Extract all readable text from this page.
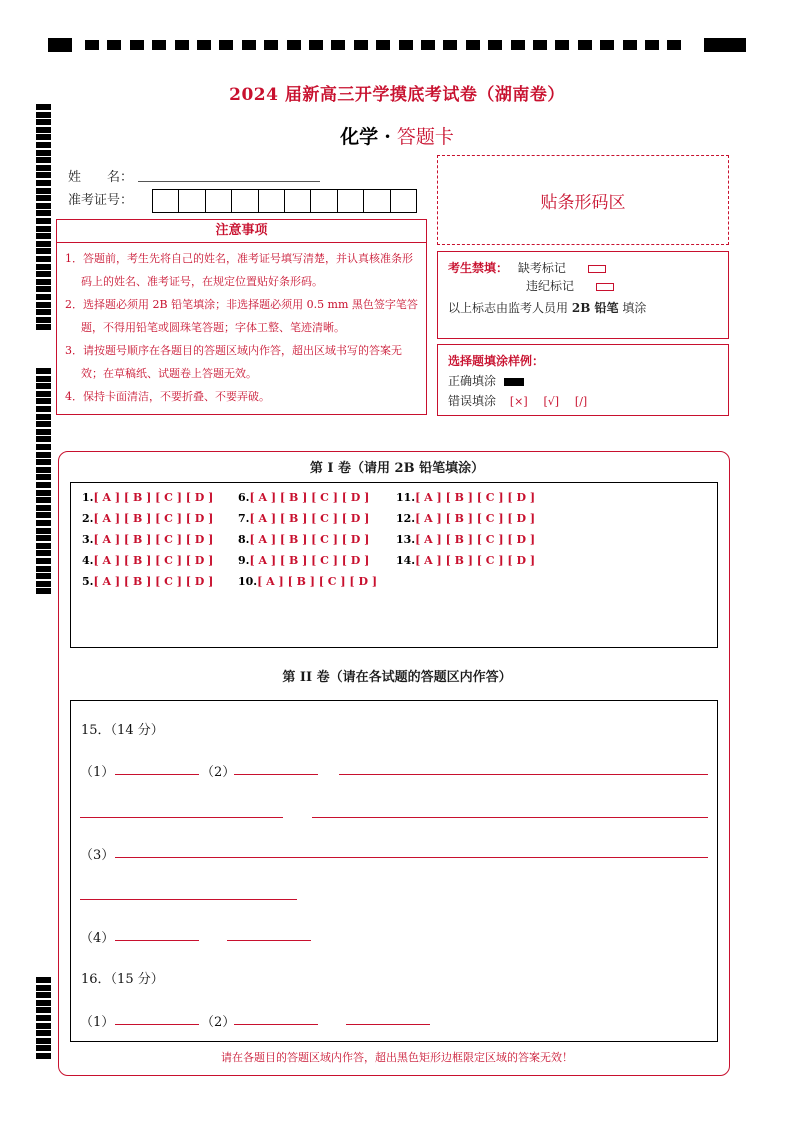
2024 届新高三开学摸底考试卷（湖南卷）
化学 · 答题卡
姓　　名：
准考证号：	贴条形码区
注意事项
1．答题前，考生先将自己的姓名，准考证号填写清楚，并认真核准条形码上的姓名、准考证号，在规定位置贴好条形码。
2．选择题必须用 2B 铅笔填涂；非选择题必须用 0.5 mm 黑色签字笔答题，不得用铅笔或圆珠笔答题；字体工整、笔迹清晰。
3．请按题号顺序在各题目的答题区域内作答，超出区域书写的答案无效；在草稿纸、试题卷上答题无效。
4．保持卡面清洁，不要折叠、不要弄破。
考生禁填： 缺考标记
违纪标记
以上标志由监考人员用 2B 铅笔 填涂
选择题填涂样例：
正确填涂
错误填涂 [×] [√] [/]
第 I 卷（请用 2B 铅笔填涂）
第 II 卷（请在各试题的答题区内作答）
15．（14 分）
（1）	（2）
（3）
（4）
16．（15 分）
（1）	（2）
请在各题目的答题区域内作答，超出黑色矩形边框限定区域的答案无效！
1.[ A ] [ B ] [ C ] [ D ]
2.[ A ] [ B ] [ C ] [ D ]
3.[ A ] [ B ] [ C ] [ D ]
4.[ A ] [ B ] [ C ] [ D ]
5.[ A ] [ B ] [ C ] [ D ]
6.[ A ] [ B ] [ C ] [ D ]
7.[ A ] [ B ] [ C ] [ D ]
8.[ A ] [ B ] [ C ] [ D ]
9.[ A ] [ B ] [ C ] [ D ]
10.[ A ] [ B ] [ C ] [ D ]
11.[ A ] [ B ] [ C ] [ D ]
12.[ A ] [ B ] [ C ] [ D ]
13.[ A ] [ B ] [ C ] [ D ]
14.[ A ] [ B ] [ C ] [ D ]
